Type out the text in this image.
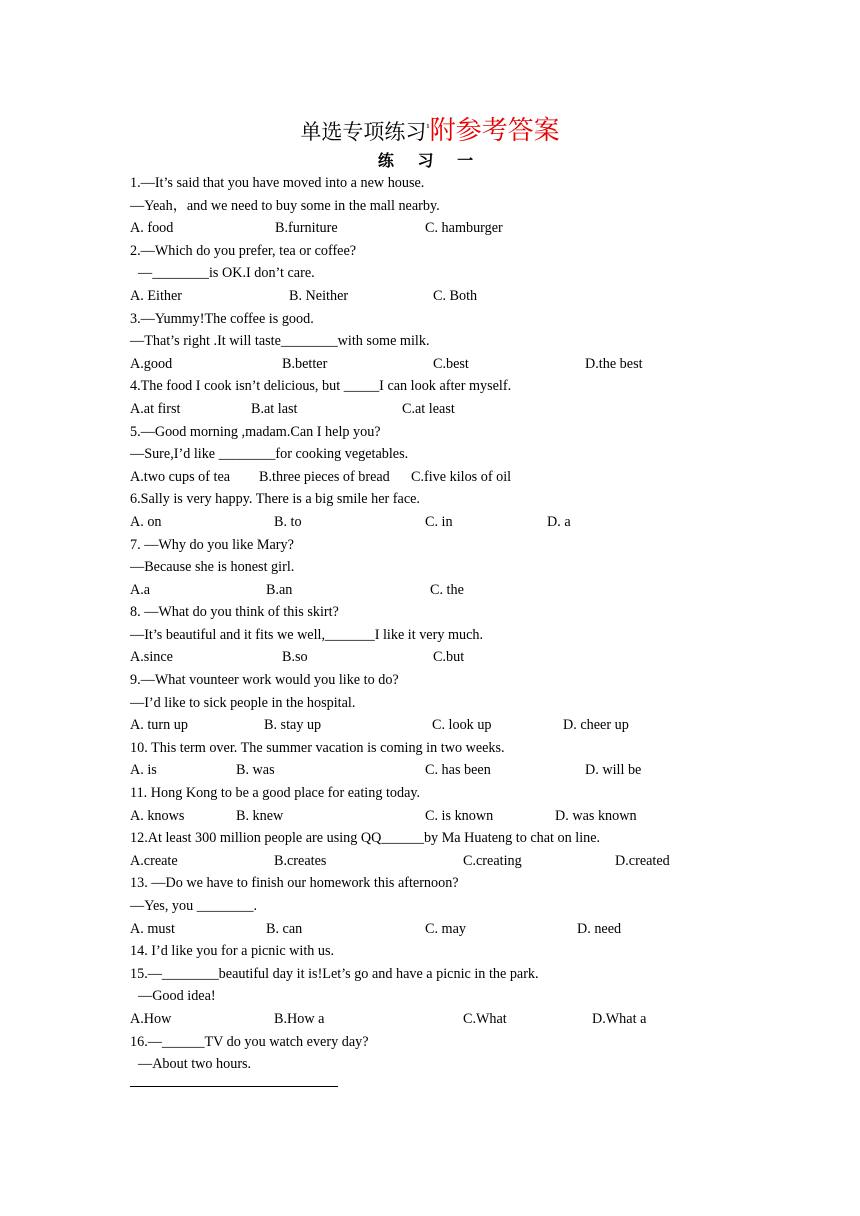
单选专项练习$^{^1}$附参考答案
练 习 一
1.—It’s said that you have moved into a new house.
—Yeah，and we need to buy some in the mall nearby.
A. food	B.furniture	C. hamburger
2.—Which do you prefer, tea or coffee?
—________is OK.I don’t care.
A. Either	B. Neither	C. Both
3.—Yummy!The coffee is good.
—That’s right .It will taste________with some milk.
A.good	B.better	C.best	D.the best
4.The food I cook isn’t delicious, but _____I can look after myself.
A.at first	B.at last	C.at least
5.—Good morning ,madam.Can I help you?
—Sure,I’d like ________for cooking vegetables.
A.two cups of tea B.three pieces of bread C.five kilos of oil
6.Sally is very happy. There is a big smile her face.
A. on	B. to	C. in	D. a
7. —Why do you like Mary?
—Because she is honest girl.
A.a	B.an	C. the
8. —What do you think of this skirt?
—It’s beautiful and it fits we well,_______I like it very much.
A.since	B.so	C.but
9.—What vounteer work would you like to do?
—I’d like to sick people in the hospital.
A. turn up	B. stay up	C. look up	D. cheer up
10. This term over. The summer vacation is coming in two weeks.
A. is	B. was	C. has been	D. will be
11. Hong Kong to be a good place for eating today.
A. knows	B. knew	C. is known	D. was known
12.At least 300 million people are using QQ______by Ma Huateng to chat on line.
A.create	B.creates	C.creating	D.created
13. —Do we have to finish our homework this afternoon?
—Yes, you ________.
A. must	B. can	C. may	D. need
14. I’d like you for a picnic with us.
15.—________beautiful day it is!Let’s go and have a picnic in the park.
—Good idea!
A.How	B.How a	C.What	D.What a
16.—______TV do you watch every day?
—About two hours.
